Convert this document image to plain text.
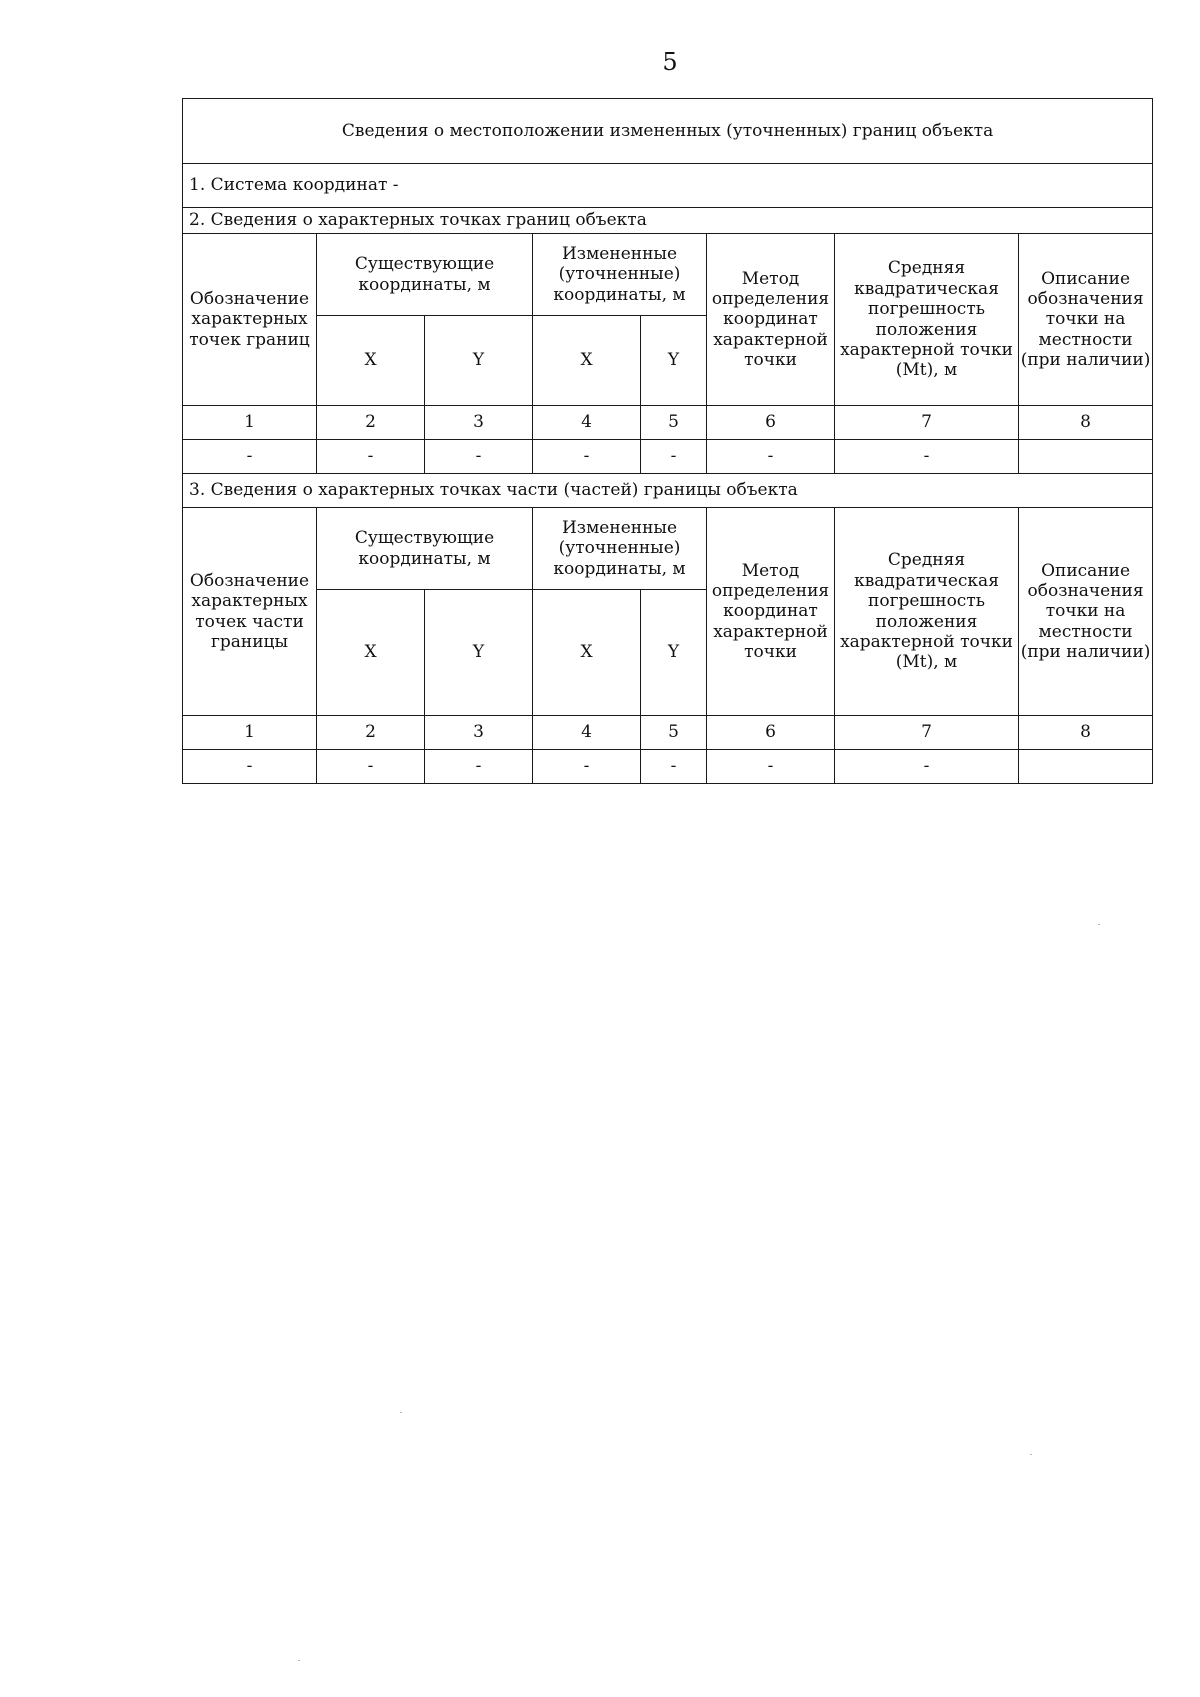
5
Сведения о местоположении измененных (уточненных) границ объекта							
1. Система координат -							
2. Сведения о характерных точках границ объекта							
Обозначение характерных точек границ	Существующие координаты, м		Измененные (уточненные) координаты, м		Метод определения координат характерной точки	Средняя квадратическая погрешность положения характерной точки (Mt), м	Описание обозначения точки на местности (при наличии)
	X	Y	X	Y			
1	2	3	4	5	6	7	8
-	-	-	-	-	-	-	
3. Сведения о характерных точках части (частей) границы объекта							
Обозначение характерных точек части границы	Существующие координаты, м		Измененные (уточненные) координаты, м		Метод определения координат характерной точки	Средняя квадратическая погрешность положения характерной точки (Mt), м	Описание обозначения точки на местности (при наличии)
	X	Y	X	Y			
1	2	3	4	5	6	7	8
-	-	-	-	-	-	-	
